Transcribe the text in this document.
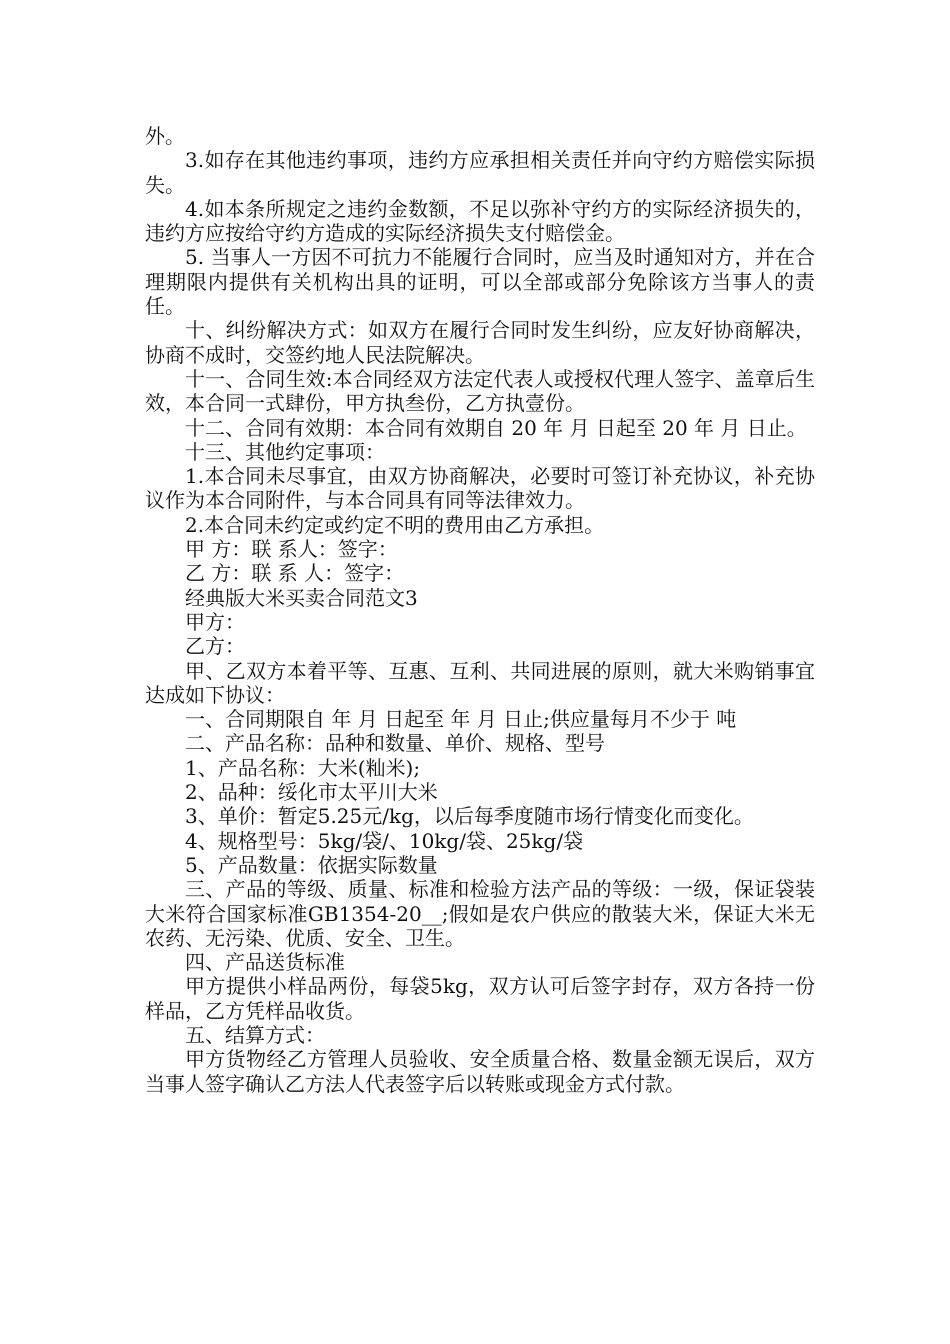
外。

3.如存在其他违约事项，违约方应承担相关责任并向守约方赔偿实际损失。

4.如本条所规定之违约金数额，不足以弥补守约方的实际经济损失的，违约方应按给守约方造成的实际经济损失支付赔偿金。

5. 当事人一方因不可抗力不能履行合同时，应当及时通知对方，并在合理期限内提供有关机构出具的证明，可以全部或部分免除该方当事人的责任。

十、纠纷解决方式：如双方在履行合同时发生纠纷，应友好协商解决，协商不成时，交签约地人民法院解决。

十一、合同生效:本合同经双方法定代表人或授权代理人签字、盖章后生效，本合同一式肆份，甲方执叁份，乙方执壹份。

十二、合同有效期：本合同有效期自 20 年 月 日起至 20 年 月 日止。

十三、其他约定事项：

1.本合同未尽事宜，由双方协商解决，必要时可签订补充协议，补充协议作为本合同附件，与本合同具有同等法律效力。

2.本合同未约定或约定不明的费用由乙方承担。

甲 方：联 系人：签字：

乙 方：联 系 人：签字：

经典版大米买卖合同范文3

甲方：

乙方：

甲、乙双方本着平等、互惠、互利、共同进展的原则，就大米购销事宜达成如下协议：

一、合同期限自 年 月 日起至 年 月 日止;供应量每月不少于 吨

二、产品名称：品种和数量、单价、规格、型号

1、产品名称：大米(籼米);

2、品种：绥化市太平川大米

3、单价：暂定5.25元/kg，以后每季度随市场行情变化而变化。

4、规格型号：5kg/袋/、10kg/袋、25kg/袋

5、产品数量：依据实际数量

三、产品的等级、质量、标准和检验方法产品的等级：一级，保证袋装大米符合国家标准GB1354-20__;假如是农户供应的散装大米，保证大米无农药、无污染、优质、安全、卫生。

四、产品送货标准

甲方提供小样品两份，每袋5kg，双方认可后签字封存，双方各持一份样品，乙方凭样品收货。

五、结算方式：

甲方货物经乙方管理人员验收、安全质量合格、数量金额无误后，双方当事人签字确认乙方法人代表签字后以转账或现金方式付款。
